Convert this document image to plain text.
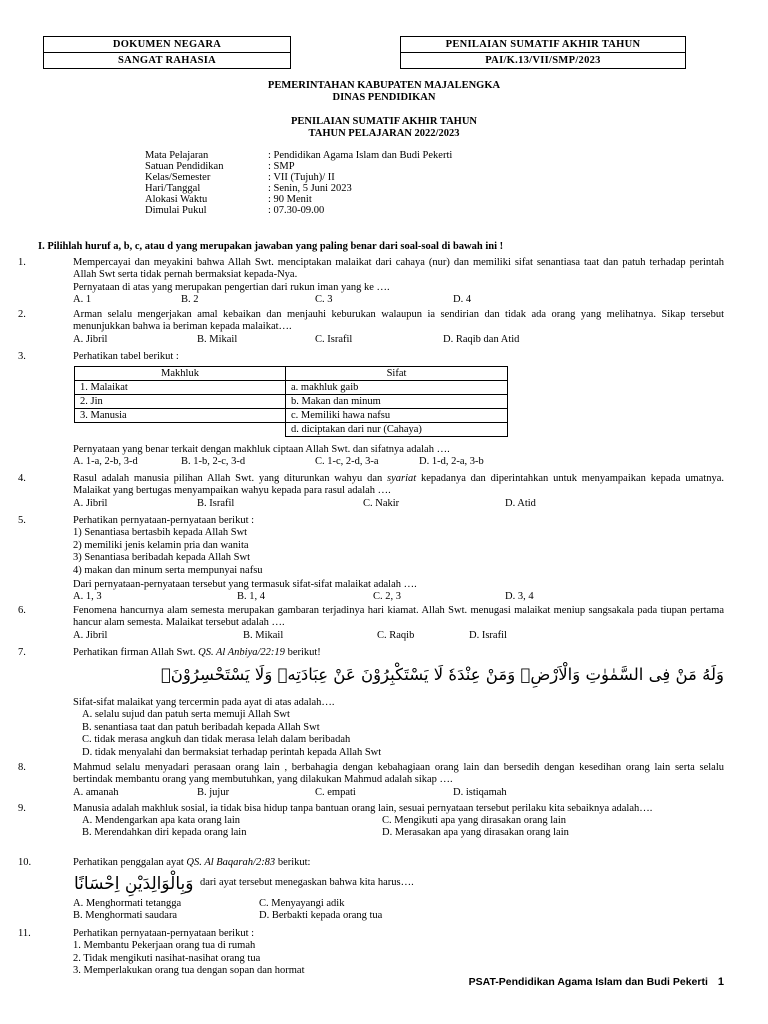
DOKUMEN NEGARA
SANGAT RAHASIA
PENILAIAN SUMATIF AKHIR TAHUN
PAI/K.13/VII/SMP/2023
PEMERINTAHAN KABUPATEN MAJALENGKA
DINAS PENDIDIKAN
PENILAIAN SUMATIF AKHIR TAHUN
TAHUN PELAJARAN 2022/2023
Mata Pelajaran	: Pendidikan Agama Islam dan Budi Pekerti
Satuan Pendidikan	: SMP
Kelas/Semester	: VII (Tujuh)/ II
Hari/Tanggal	: Senin, 5 Juni 2023
Alokasi Waktu	: 90 Menit
Dimulai Pukul	: 07.30-09.00
I. Pilihlah huruf a, b, c, atau d yang merupakan jawaban yang paling benar dari soal-soal di bawah ini !
1.	Mempercayai dan meyakini bahwa Allah Swt. menciptakan malaikat dari cahaya (nur) dan memiliki sifat senantiasa taat dan patuh terhadap perintah Allah Swt serta tidak pernah bermaksiat kepada-Nya.
Pernyataan di atas yang merupakan pengertian dari rukun iman yang ke ….
A. 1	B. 2	C. 3	D. 4
2.	Arman selalu mengerjakan amal kebaikan dan menjauhi keburukan walaupun ia sendirian dan tidak ada orang yang melihatnya. Sikap tersebut menunjukkan bahwa ia beriman kepada malaikat….
A. Jibril	B. Mikail	C. Israfil	D. Raqib dan Atid
3.	Perhatikan tabel berikut :
Makhluk	Sifat
1. Malaikat	a. makhluk gaib
2. Jin	b. Makan dan minum
3. Manusia	c. Memiliki hawa nafsu
	d. diciptakan dari nur (Cahaya)
Pernyataan yang benar terkait dengan makhluk ciptaan Allah Swt. dan sifatnya adalah ….
A. 1-a, 2-b, 3-d	B. 1-b, 2-c, 3-d	C. 1-c, 2-d, 3-a	D. 1-d, 2-a, 3-b
4.	Rasul adalah manusia pilihan Allah Swt. yang diturunkan wahyu dan syariat kepadanya dan diperintahkan untuk menyampaikan kepada umatnya. Malaikat yang bertugas menyampaikan wahyu kepada para rasul adalah ….
A. Jibril	B. Israfil	C. Nakir	D. Atid
5.	Perhatikan pernyataan-pernyataan berikut :
1) Senantiasa bertasbih kepada Allah Swt
2) memiliki jenis kelamin pria dan wanita
3) Senantiasa beribadah kepada Allah Swt
4) makan dan minum serta mempunyai nafsu
Dari pernyataan-pernyataan tersebut yang termasuk sifat-sifat malaikat adalah ….
A. 1, 3	B. 1, 4	C. 2, 3	D. 3, 4
6.	Fenomena hancurnya alam semesta merupakan gambaran terjadinya hari kiamat. Allah Swt. menugasi malaikat meniup sangsakala pada tiupan pertama hancur alam semesta. Malaikat tersebut adalah ….
A. Jibril	B. Mikail	C. Raqib	D. Israfil
7.	Perhatikan firman Allah Swt. QS. Al Anbiya/22:19 berikut!
وَلَهُ مَنْ فِى السَّمٰوٰتِ وَالْاَرْضِۗ وَمَنْ عِنْدَهٗ لَا يَسْتَكْبِرُوْنَ عَنْ عِبَادَتِهٖ وَلَا يَسْتَحْسِرُوْنَۚ
Sifat-sifat malaikat yang tercermin pada ayat di atas adalah….
A. selalu sujud dan patuh serta memuji Allah Swt
B. senantiasa taat dan patuh beribadah kepada Allah Swt
C. tidak merasa angkuh dan tidak merasa lelah dalam beribadah
D. tidak menyalahi dan bermaksiat terhadap perintah kepada Allah Swt
8.	Mahmud selalu menyadari perasaan orang lain , berbahagia dengan kebahagiaan orang lain dan bersedih dengan kesedihan orang lain serta selalu bertindak membantu orang yang membutuhkan, yang dilakukan Mahmud adalah sikap ….
A. amanah	B. jujur	C. empati	D. istiqamah
9.	Manusia adalah makhluk sosial, ia tidak bisa hidup tanpa bantuan orang lain, sesuai pernyataan tersebut perilaku kita sebaiknya adalah….
A. Mendengarkan apa kata orang lain	C. Mengikuti apa yang dirasakan orang lain
B. Merendahkan diri kepada orang lain	D. Merasakan apa yang dirasakan orang lain
10.	Perhatikan penggalan ayat QS. Al Baqarah/2:83 berikut:
وَبِالْوَالِدَيْنِ اِحْسَانًا dari ayat tersebut menegaskan bahwa kita harus….
A. Menghormati tetangga	C. Menyayangi adik
B. Menghormati saudara	D. Berbakti kepada orang tua
11.	Perhatikan pernyataan-pernyataan berikut :
1. Membantu Pekerjaan orang tua di rumah
2. Tidak mengikuti nasihat-nasihat orang tua
3. Memperlakukan orang tua dengan sopan dan hormat
PSAT-Pendidikan Agama Islam dan Budi Pekerti 1
